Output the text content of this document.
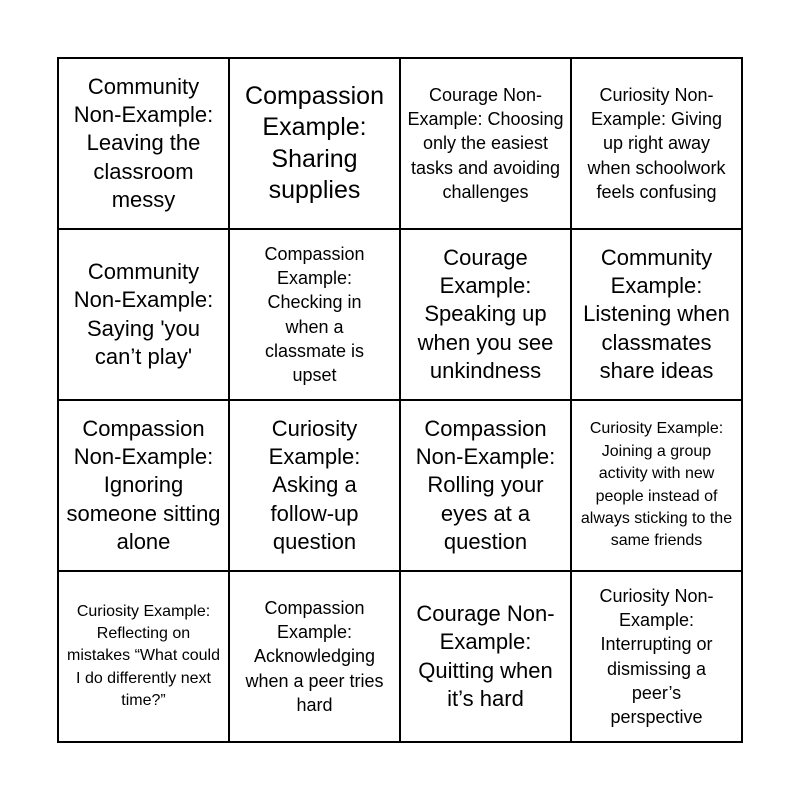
Community Non-Example: Leaving the classroom messy
Compassion Example: Sharing supplies
Courage Non-Example: Choosing only the easiest tasks and avoiding challenges
Curiosity Non-Example: Giving up right away when schoolwork feels confusing
Community Non-Example: Saying 'you can’t play'
Compassion Example: Checking in when a classmate is upset
Courage Example: Speaking up when you see unkindness
Community Example: Listening when classmates share ideas
Compassion Non-Example: Ignoring someone sitting alone
Curiosity Example: Asking a follow-up question
Compassion Non-Example: Rolling your eyes at a question
Curiosity Example: Joining a group activity with new people instead of always sticking to the same friends
Curiosity Example: Reflecting on mistakes “What could I do differently next time?”
Compassion Example: Acknowledging when a peer tries hard
Courage Non-Example: Quitting when it’s hard
Curiosity Non-Example: Interrupting or dismissing a peer’s perspective
